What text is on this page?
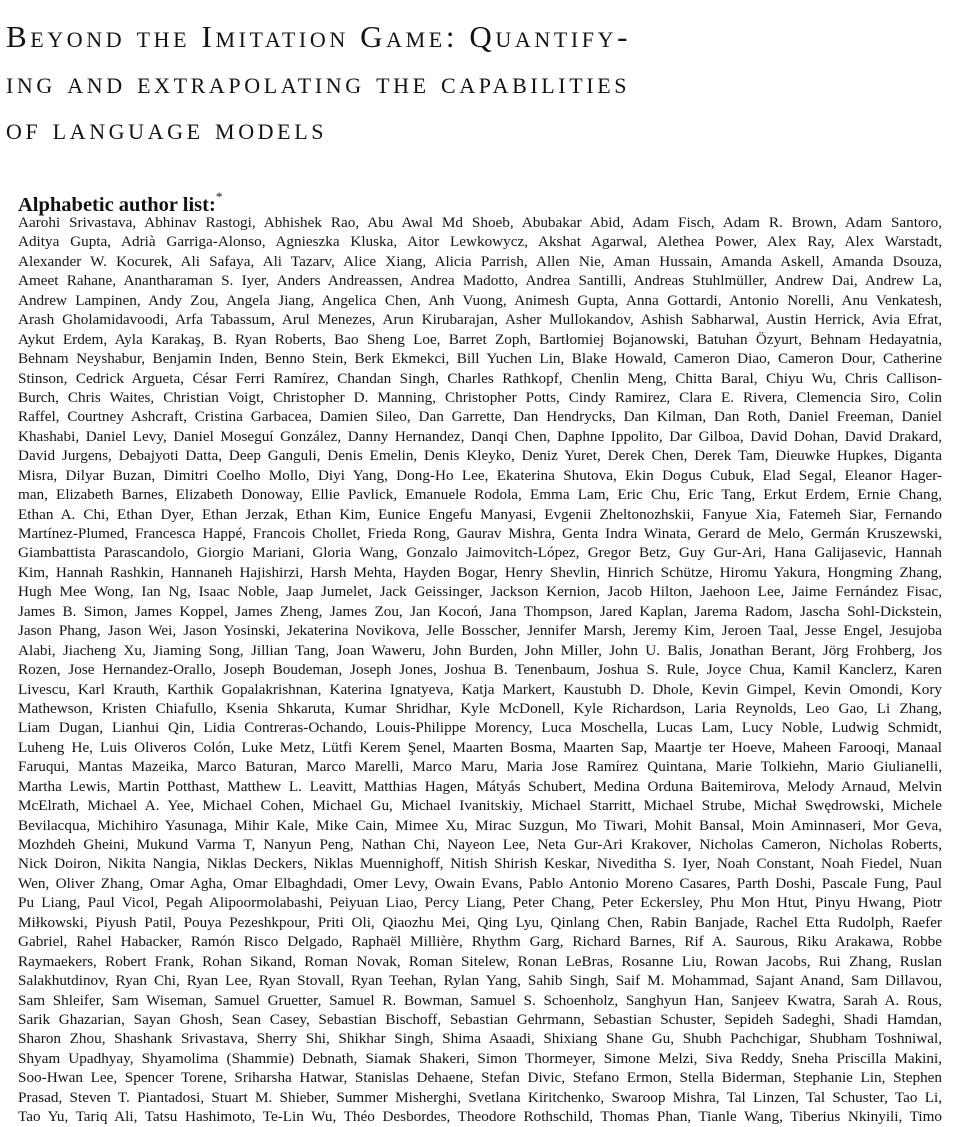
Beyond the Imitation Game: Quantify-
ing and extrapolating the capabilities
of language models
Alphabetic author list:*
Aarohi Srivastava, Abhinav Rastogi, Abhishek Rao, Abu Awal Md Shoeb, Abubakar Abid, Adam Fisch, Adam R. Brown, Adam Santoro,
Aditya Gupta, Adrià Garriga-Alonso, Agnieszka Kluska, Aitor Lewkowycz, Akshat Agarwal, Alethea Power, Alex Ray, Alex Warstadt,
Alexander W. Kocurek, Ali Safaya, Ali Tazarv, Alice Xiang, Alicia Parrish, Allen Nie, Aman Hussain, Amanda Askell, Amanda Dsouza,
Ameet Rahane, Anantharaman S. Iyer, Anders Andreassen, Andrea Madotto, Andrea Santilli, Andreas Stuhlmüller, Andrew Dai, Andrew La,
Andrew Lampinen, Andy Zou, Angela Jiang, Angelica Chen, Anh Vuong, Animesh Gupta, Anna Gottardi, Antonio Norelli, Anu Venkatesh,
Arash Gholamidavoodi, Arfa Tabassum, Arul Menezes, Arun Kirubarajan, Asher Mullokandov, Ashish Sabharwal, Austin Herrick, Avia Efrat,
Aykut Erdem, Ayla Karakaş, B. Ryan Roberts, Bao Sheng Loe, Barret Zoph, Bartłomiej Bojanowski, Batuhan Özyurt, Behnam Hedayatnia,
Behnam Neyshabur, Benjamin Inden, Benno Stein, Berk Ekmekci, Bill Yuchen Lin, Blake Howald, Cameron Diao, Cameron Dour, Catherine
Stinson, Cedrick Argueta, César Ferri Ramírez, Chandan Singh, Charles Rathkopf, Chenlin Meng, Chitta Baral, Chiyu Wu, Chris Callison-
Burch, Chris Waites, Christian Voigt, Christopher D. Manning, Christopher Potts, Cindy Ramirez, Clara E. Rivera, Clemencia Siro, Colin
Raffel, Courtney Ashcraft, Cristina Garbacea, Damien Sileo, Dan Garrette, Dan Hendrycks, Dan Kilman, Dan Roth, Daniel Freeman, Daniel
Khashabi, Daniel Levy, Daniel Moseguí González, Danny Hernandez, Danqi Chen, Daphne Ippolito, Dar Gilboa, David Dohan, David Drakard,
David Jurgens, Debajyoti Datta, Deep Ganguli, Denis Emelin, Denis Kleyko, Deniz Yuret, Derek Chen, Derek Tam, Dieuwke Hupkes, Diganta
Misra, Dilyar Buzan, Dimitri Coelho Mollo, Diyi Yang, Dong-Ho Lee, Ekaterina Shutova, Ekin Dogus Cubuk, Elad Segal, Eleanor Hager-
man, Elizabeth Barnes, Elizabeth Donoway, Ellie Pavlick, Emanuele Rodola, Emma Lam, Eric Chu, Eric Tang, Erkut Erdem, Ernie Chang,
Ethan A. Chi, Ethan Dyer, Ethan Jerzak, Ethan Kim, Eunice Engefu Manyasi, Evgenii Zheltonozhskii, Fanyue Xia, Fatemeh Siar, Fernando
Martínez-Plumed, Francesca Happé, Francois Chollet, Frieda Rong, Gaurav Mishra, Genta Indra Winata, Gerard de Melo, Germán Kruszewski,
Giambattista Parascandolo, Giorgio Mariani, Gloria Wang, Gonzalo Jaimovitch-López, Gregor Betz, Guy Gur-Ari, Hana Galijasevic, Hannah
Kim, Hannah Rashkin, Hannaneh Hajishirzi, Harsh Mehta, Hayden Bogar, Henry Shevlin, Hinrich Schütze, Hiromu Yakura, Hongming Zhang,
Hugh Mee Wong, Ian Ng, Isaac Noble, Jaap Jumelet, Jack Geissinger, Jackson Kernion, Jacob Hilton, Jaehoon Lee, Jaime Fernández Fisac,
James B. Simon, James Koppel, James Zheng, James Zou, Jan Kocoń, Jana Thompson, Jared Kaplan, Jarema Radom, Jascha Sohl-Dickstein,
Jason Phang, Jason Wei, Jason Yosinski, Jekaterina Novikova, Jelle Bosscher, Jennifer Marsh, Jeremy Kim, Jeroen Taal, Jesse Engel, Jesujoba
Alabi, Jiacheng Xu, Jiaming Song, Jillian Tang, Joan Waweru, John Burden, John Miller, John U. Balis, Jonathan Berant, Jörg Frohberg, Jos
Rozen, Jose Hernandez-Orallo, Joseph Boudeman, Joseph Jones, Joshua B. Tenenbaum, Joshua S. Rule, Joyce Chua, Kamil Kanclerz, Karen
Livescu, Karl Krauth, Karthik Gopalakrishnan, Katerina Ignatyeva, Katja Markert, Kaustubh D. Dhole, Kevin Gimpel, Kevin Omondi, Kory
Mathewson, Kristen Chiafullo, Ksenia Shkaruta, Kumar Shridhar, Kyle McDonell, Kyle Richardson, Laria Reynolds, Leo Gao, Li Zhang,
Liam Dugan, Lianhui Qin, Lidia Contreras-Ochando, Louis-Philippe Morency, Luca Moschella, Lucas Lam, Lucy Noble, Ludwig Schmidt,
Luheng He, Luis Oliveros Colón, Luke Metz, Lütfi Kerem Şenel, Maarten Bosma, Maarten Sap, Maartje ter Hoeve, Maheen Farooqi, Manaal
Faruqui, Mantas Mazeika, Marco Baturan, Marco Marelli, Marco Maru, Maria Jose Ramírez Quintana, Marie Tolkiehn, Mario Giulianelli,
Martha Lewis, Martin Potthast, Matthew L. Leavitt, Matthias Hagen, Mátyás Schubert, Medina Orduna Baitemirova, Melody Arnaud, Melvin
McElrath, Michael A. Yee, Michael Cohen, Michael Gu, Michael Ivanitskiy, Michael Starritt, Michael Strube, Michał Swędrowski, Michele
Bevilacqua, Michihiro Yasunaga, Mihir Kale, Mike Cain, Mimee Xu, Mirac Suzgun, Mo Tiwari, Mohit Bansal, Moin Aminnaseri, Mor Geva,
Mozhdeh Gheini, Mukund Varma T, Nanyun Peng, Nathan Chi, Nayeon Lee, Neta Gur-Ari Krakover, Nicholas Cameron, Nicholas Roberts,
Nick Doiron, Nikita Nangia, Niklas Deckers, Niklas Muennighoff, Nitish Shirish Keskar, Niveditha S. Iyer, Noah Constant, Noah Fiedel, Nuan
Wen, Oliver Zhang, Omar Agha, Omar Elbaghdadi, Omer Levy, Owain Evans, Pablo Antonio Moreno Casares, Parth Doshi, Pascale Fung, Paul
Pu Liang, Paul Vicol, Pegah Alipoormolabashi, Peiyuan Liao, Percy Liang, Peter Chang, Peter Eckersley, Phu Mon Htut, Pinyu Hwang, Piotr
Miłkowski, Piyush Patil, Pouya Pezeshkpour, Priti Oli, Qiaozhu Mei, Qing Lyu, Qinlang Chen, Rabin Banjade, Rachel Etta Rudolph, Raefer
Gabriel, Rahel Habacker, Ramón Risco Delgado, Raphaël Millière, Rhythm Garg, Richard Barnes, Rif A. Saurous, Riku Arakawa, Robbe
Raymaekers, Robert Frank, Rohan Sikand, Roman Novak, Roman Sitelew, Ronan LeBras, Rosanne Liu, Rowan Jacobs, Rui Zhang, Ruslan
Salakhutdinov, Ryan Chi, Ryan Lee, Ryan Stovall, Ryan Teehan, Rylan Yang, Sahib Singh, Saif M. Mohammad, Sajant Anand, Sam Dillavou,
Sam Shleifer, Sam Wiseman, Samuel Gruetter, Samuel R. Bowman, Samuel S. Schoenholz, Sanghyun Han, Sanjeev Kwatra, Sarah A. Rous,
Sarik Ghazarian, Sayan Ghosh, Sean Casey, Sebastian Bischoff, Sebastian Gehrmann, Sebastian Schuster, Sepideh Sadeghi, Shadi Hamdan,
Sharon Zhou, Shashank Srivastava, Sherry Shi, Shikhar Singh, Shima Asaadi, Shixiang Shane Gu, Shubh Pachchigar, Shubham Toshniwal,
Shyam Upadhyay, Shyamolima (Shammie) Debnath, Siamak Shakeri, Simon Thormeyer, Simone Melzi, Siva Reddy, Sneha Priscilla Makini,
Soo-Hwan Lee, Spencer Torene, Sriharsha Hatwar, Stanislas Dehaene, Stefan Divic, Stefano Ermon, Stella Biderman, Stephanie Lin, Stephen
Prasad, Steven T. Piantadosi, Stuart M. Shieber, Summer Misherghi, Svetlana Kiritchenko, Swaroop Mishra, Tal Linzen, Tal Schuster, Tao Li,
Tao Yu, Tariq Ali, Tatsu Hashimoto, Te-Lin Wu, Théo Desbordes, Theodore Rothschild, Thomas Phan, Tianle Wang, Tiberius Nkinyili, Timo
